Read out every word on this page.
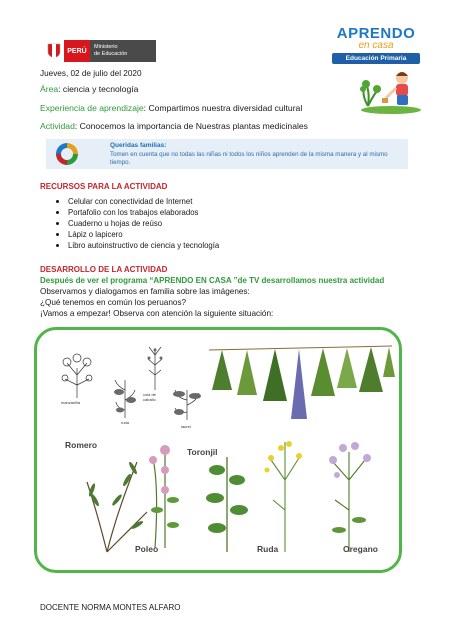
PERÚ
Ministerio
de Educación
APRENDO
en casa
Educación Primaria
Jueves, 02 de julio del 2020
Área: ciencia y tecnología
Experiencia de aprendizaje: Compartimos nuestra diversidad cultural
Actividad: Conocemos la importancia de Nuestras plantas medicinales
Queridas familias:
Tomen en cuenta que no todas las niñas ni todos los niños aprenden de la misma manera y al mismo tiempo.
RECURSOS PARA LA ACTIVIDAD
Celular con conectividad de Internet
Portafolio con los trabajos elaborados
Cuaderno u hojas de reúso
Lápiz o lapicero
Libro autoinstructivo de ciencia y tecnología
DESARROLLO DE LA ACTIVIDAD
Después de ver el programa “APRENDO EN CASA ”de TV desarrollamos nuestra actividad
Observamos y dialogamos en familia sobre las imágenes:
¿Qué tenemos en común los peruanos?
¡Vamos a empezar! Observa con atención la siguiente situación:
manzanilla
cola de caballo
ruda
laurel
Romero
Toronjil
Poleo	Ruda	Oregano
DOCENTE NORMA MONTES ALFARO
